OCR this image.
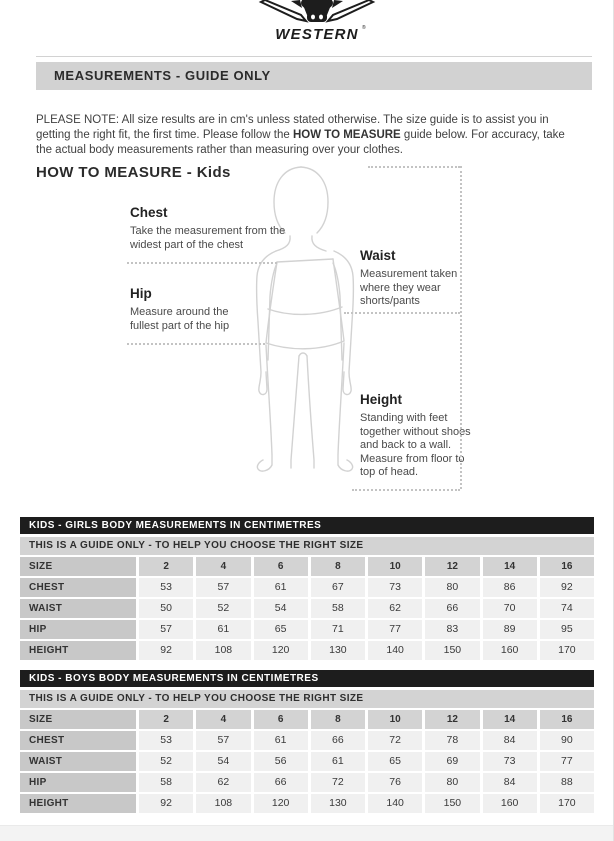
WESTERN ®
MEASUREMENTS - GUIDE ONLY

PLEASE NOTE: All size results are in cm's unless stated otherwise. The size guide is to assist you in getting the right fit, the first time. Please follow the HOW TO MEASURE guide below. For accuracy, take the actual body measurements rather than measuring over your clothes.

HOW TO MEASURE - Kids
Chest
Take the measurement from the widest part of the chest
Hip
Measure around the fullest part of the hip
Waist
Measurement taken where they wear shorts/pants
Height
Standing with feet together without shoes and back to a wall. Measure from floor to top of head.
KIDS - GIRLS BODY MEASUREMENTS IN CENTIMETRES
THIS IS A GUIDE ONLY - TO HELP YOU CHOOSE THE RIGHT SIZE
SIZE	2	4	6	8	10	12	14	16
CHEST	53	57	61	67	73	80	86	92
WAIST	50	52	54	58	62	66	70	74
HIP	57	61	65	71	77	83	89	95
HEIGHT	92	108	120	130	140	150	160	170
KIDS - BOYS BODY MEASUREMENTS IN CENTIMETRES
THIS IS A GUIDE ONLY - TO HELP YOU CHOOSE THE RIGHT SIZE
SIZE	2	4	6	8	10	12	14	16
CHEST	53	57	61	66	72	78	84	90
WAIST	52	54	56	61	65	69	73	77
HIP	58	62	66	72	76	80	84	88
HEIGHT	92	108	120	130	140	150	160	170
